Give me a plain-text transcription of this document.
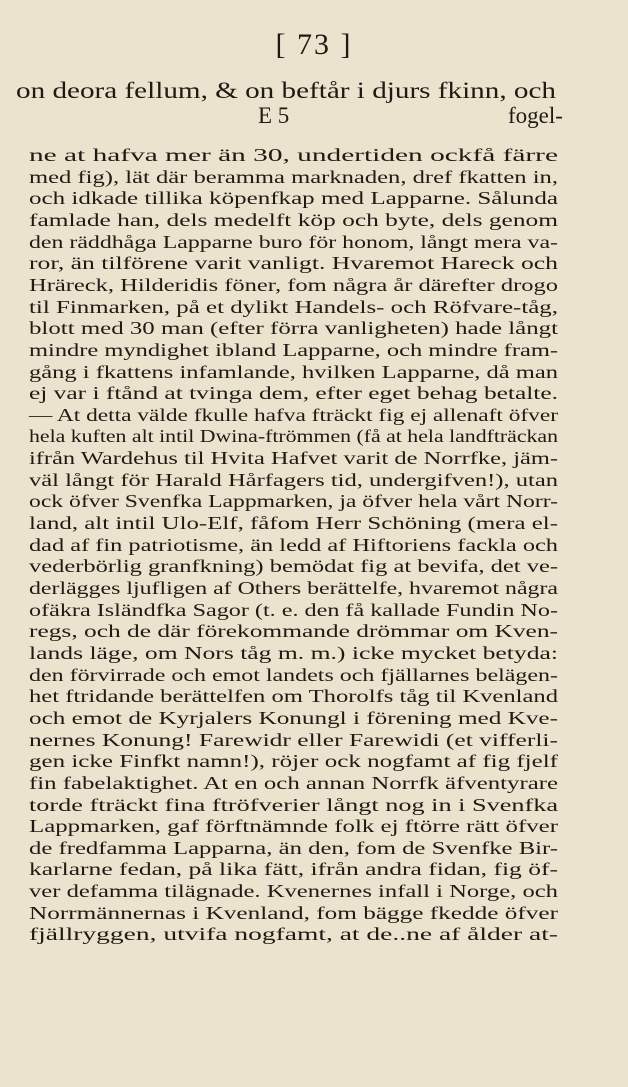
[ 73 ]
on deora fellum, & on beftår i djurs fkinn, och
E 5	fogel-
ne at hafva mer än 30, undertiden ockfå färre
med fig), lät där beramma marknaden, dref fkatten in,
och idkade tillika köpenfkap med Lapparne. Sålunda
famlade han, dels medelft köp och byte, dels genom
den räddhåga Lapparne buro för honom, långt mera va-
ror, än tilförene varit vanligt. Hvaremot Hareck och
Hräreck, Hilderidis föner, fom några år därefter drogo
til Finmarken, på et dylikt Handels- och Röfvare-tåg,
blott med 30 man (efter förra vanligheten) hade långt
mindre myndighet ibland Lapparne, och mindre fram-
gång i fkattens infamlande, hvilken Lapparne, då man
ej var i ftånd at tvinga dem, efter eget behag betalte.
— At detta välde fkulle hafva fträckt fig ej allenaft öfver
hela kuften alt intil Dwina-ftrömmen (få at hela landfträckan
ifrån Wardehus til Hvita Hafvet varit de Norrfke, jäm-
väl långt för Harald Hårfagers tid, undergifven!), utan
ock öfver Svenfka Lappmarken, ja öfver hela vårt Norr-
land, alt intil Ulo-Elf, fåfom Herr Schöning (mera el-
dad af fin patriotisme, än ledd af Hiftoriens fackla och
vederbörlig granfkning) bemödat fig at bevifa, det ve-
derlägges ljufligen af Others berättelfe, hvaremot några
ofäkra Isländfka Sagor (t. e. den få kallade Fundin No-
regs, och de där förekommande drömmar om Kven-
lands läge, om Nors tåg m. m.) icke mycket betyda:
den förvirrade och emot landets och fjällarnes belägen-
het ftridande berättelfen om Thorolfs tåg til Kvenland
och emot de Kyrjalers Konungl i förening med Kve-
nernes Konung! Farewidr eller Farewidi (et vifferli-
gen icke Finfkt namn!), röjer ock nogfamt af fig fjelf
fin fabelaktighet. At en och annan Norrfk äfventyrare
torde fträckt fina ftröfverier långt nog in i Svenfka
Lappmarken, gaf förftnämnde folk ej ftörre rätt öfver
de fredfamma Lapparna, än den, fom de Svenfke Bir-
karlarne fedan, på lika fätt, ifrån andra fidan, fig öf-
ver defamma tilägnade. Kvenernes infall i Norge, och
Norrmännernas i Kvenland, fom bägge fkedde öfver
fjällryggen, utvifa nogfamt, at de..ne af ålder at-
